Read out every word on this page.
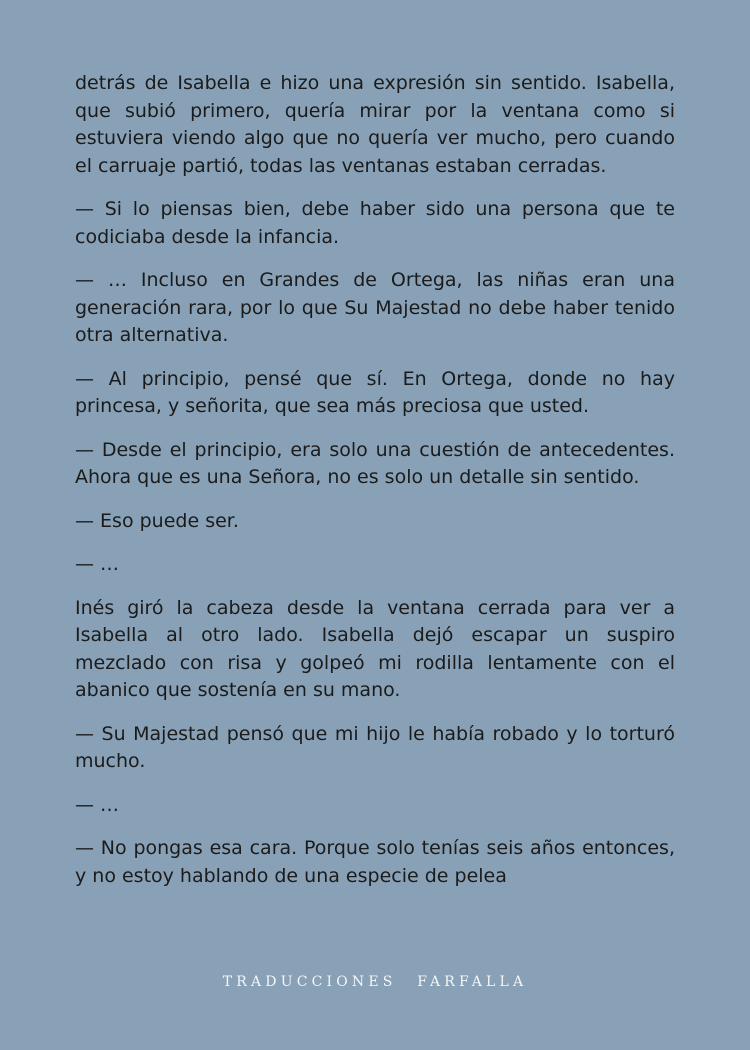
detrás de Isabella e hizo una expresión sin sentido. Isabella, que subió primero, quería mirar por la ventana como si estuviera viendo algo que no quería ver mucho, pero cuando el carruaje partió, todas las ventanas estaban cerradas.

— Si lo piensas bien, debe haber sido una persona que te codiciaba desde la infancia.

— … Incluso en Grandes de Ortega, las niñas eran una generación rara, por lo que Su Majestad no debe haber tenido otra alternativa.

— Al principio, pensé que sí. En Ortega, donde no hay princesa, y señorita, que sea más preciosa que usted.

— Desde el principio, era solo una cuestión de antecedentes. Ahora que es una Señora, no es solo un detalle sin sentido.

— Eso puede ser.

— …

Inés giró la cabeza desde la ventana cerrada para ver a Isabella al otro lado. Isabella dejó escapar un suspiro mezclado con risa y golpeó mi rodilla lentamente con el abanico que sostenía en su mano.

— Su Majestad pensó que mi hijo le había robado y lo torturó mucho.

— …

— No pongas esa cara. Porque solo tenías seis años entonces, y no estoy hablando de una especie de pelea

TRADUCCIONES FARFALLA
